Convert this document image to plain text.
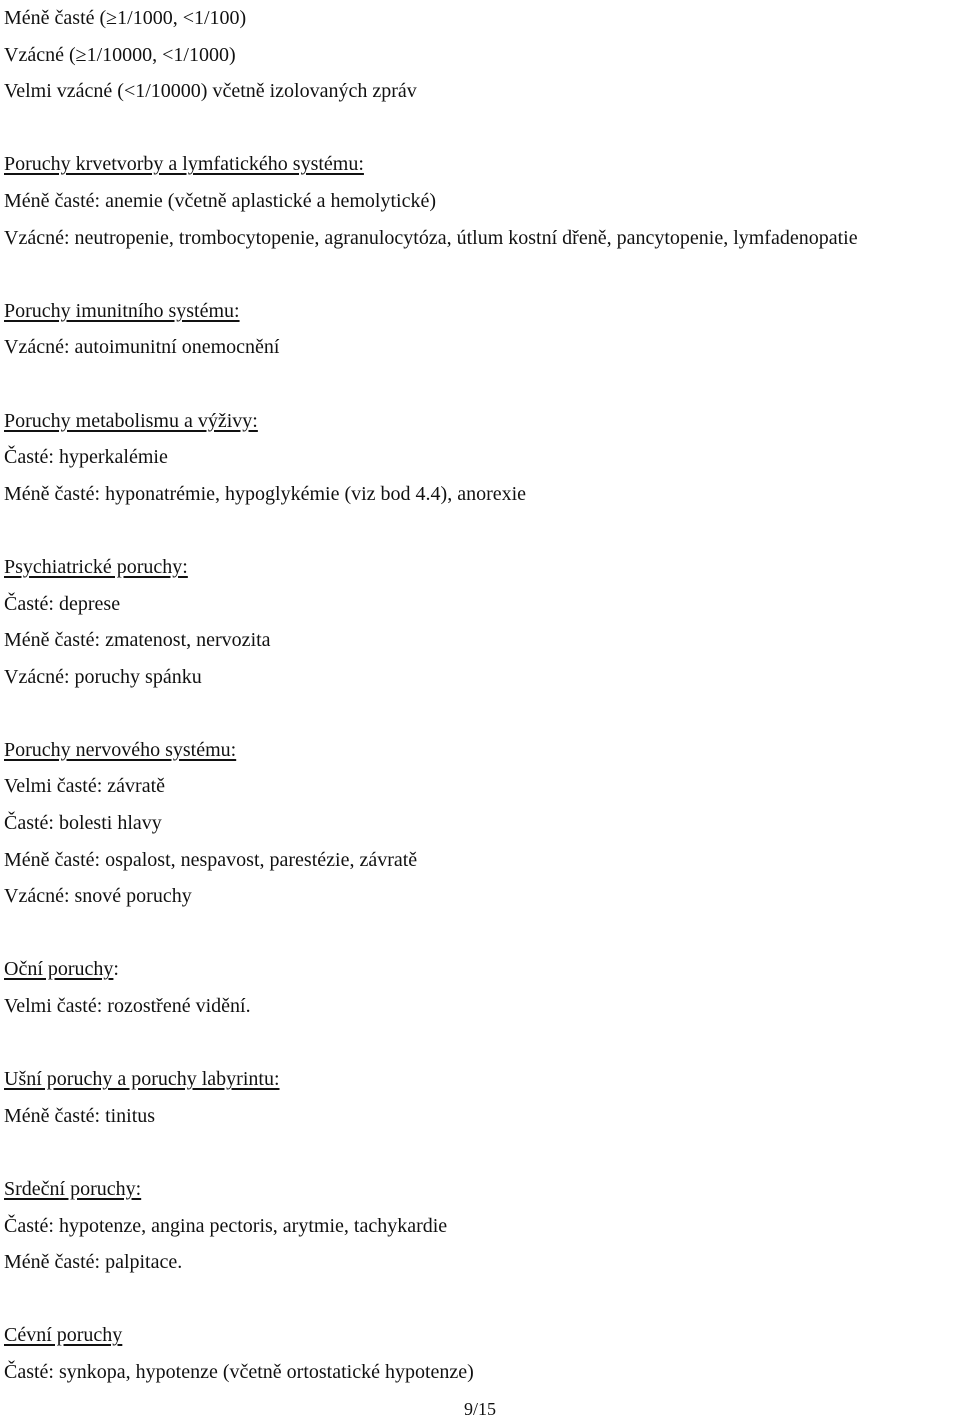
Méně časté (≥1/1000, <1/100)
Vzácné (≥1/10000, <1/1000)
Velmi vzácné (<1/10000) včetně izolovaných zpráv
Poruchy krvetvorby a lymfatického systému:
Méně časté: anemie (včetně aplastické a hemolytické)
Vzácné: neutropenie, trombocytopenie, agranulocytóza, útlum kostní dřeně, pancytopenie, lymfadenopatie
Poruchy imunitního systému:
Vzácné: autoimunitní onemocnění
Poruchy metabolismu a výživy:
Časté: hyperkalémie
Méně časté: hyponatrémie, hypoglykémie (viz bod 4.4), anorexie
Psychiatrické poruchy:
Časté: deprese
Méně časté: zmatenost, nervozita
Vzácné: poruchy spánku
Poruchy nervového systému:
Velmi časté: závratě
Časté: bolesti hlavy
Méně časté: ospalost, nespavost, parestézie, závratě
Vzácné: snové poruchy
Oční poruchy:
Velmi časté: rozostřené vidění.
Ušní poruchy a poruchy labyrintu:
Méně časté: tinitus
Srdeční poruchy:
Časté: hypotenze, angina pectoris, arytmie, tachykardie
Méně časté: palpitace.
Cévní poruchy
Časté: synkopa, hypotenze (včetně ortostatické hypotenze)
9/15
